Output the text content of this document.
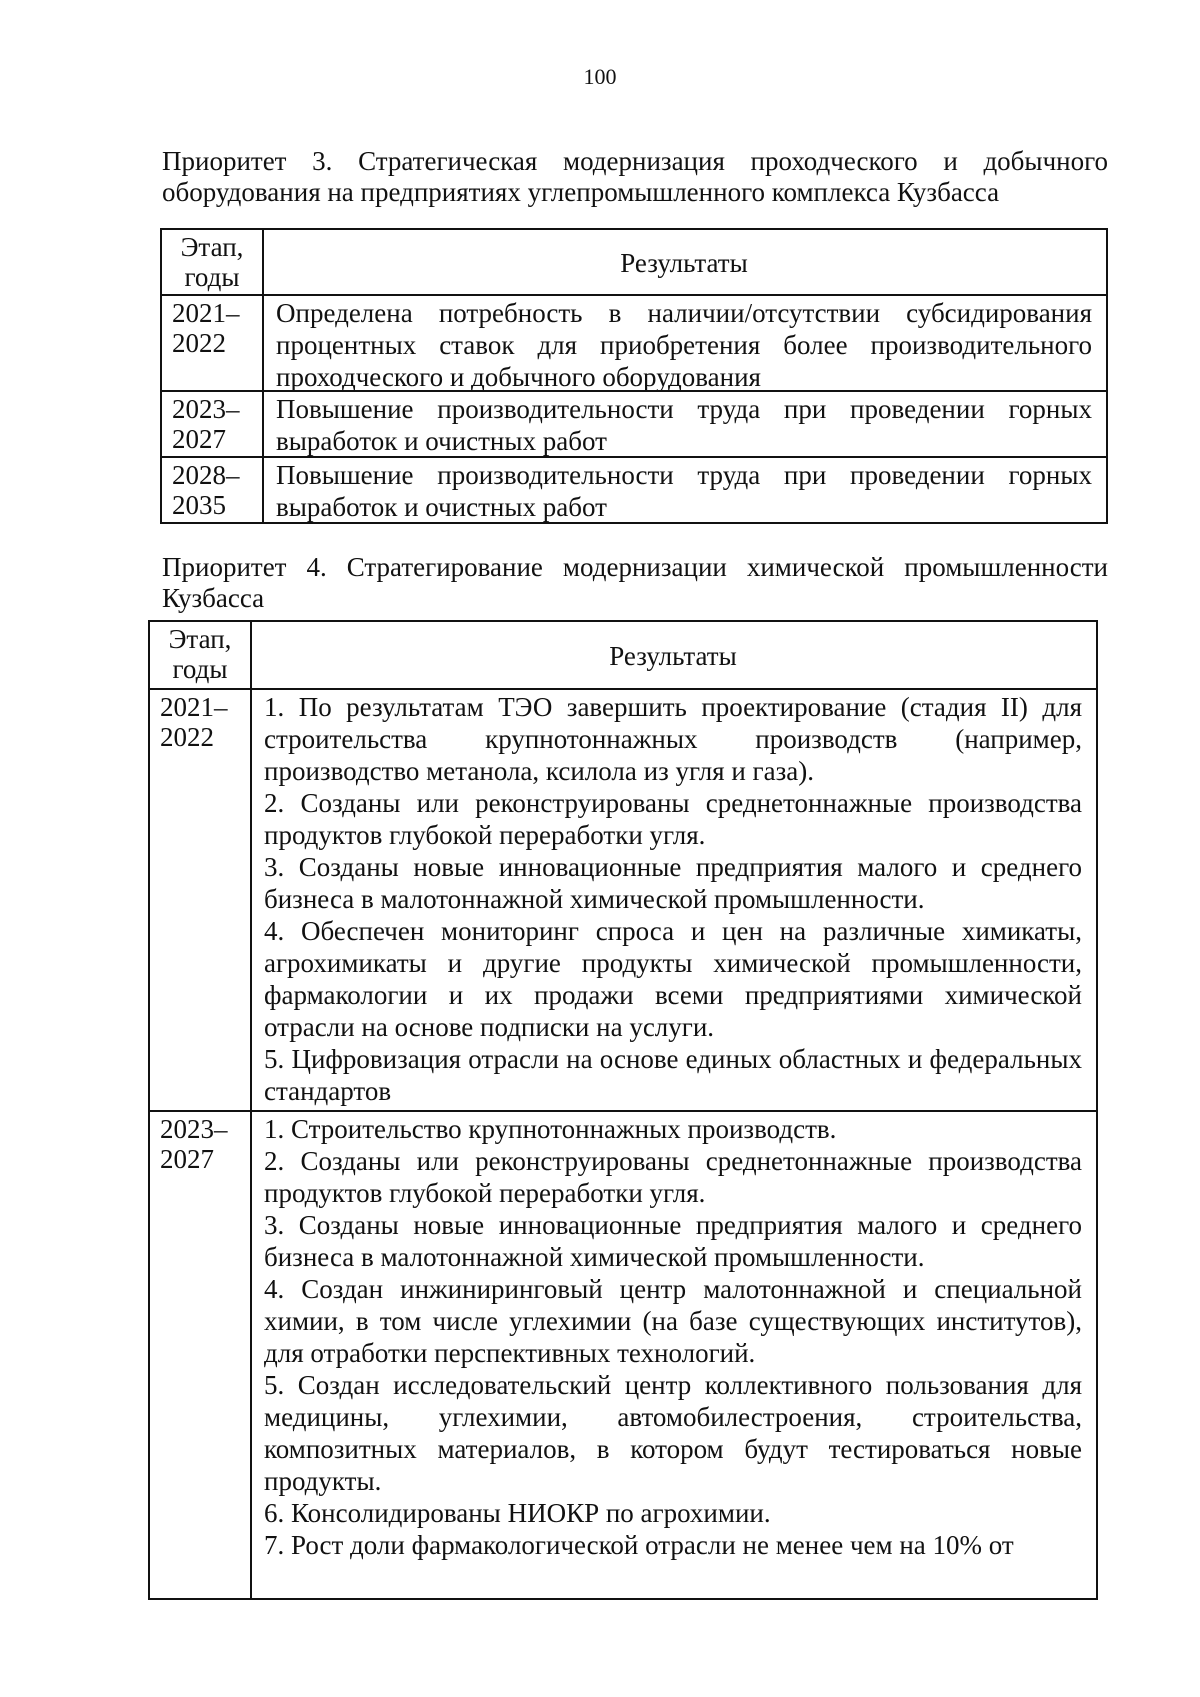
100
Приоритет 3. Стратегическая модернизация проходческого и добычного оборудования на предприятиях углепромышленного комплекса Кузбасса
Этап,
годы	Результаты
2021–
2022

Определена потребность в наличии/отсутствии субсидирования процентных ставок для приобретения более производительного проходческого и добычного оборудования

2023–
2027

Повышение производительности труда при проведении горных выработок и очистных работ

2028–
2035

Повышение производительности труда при проведении горных выработок и очистных работ

Приоритет 4. Стратегирование модернизации химической промышленности Кузбасса
Этап,
годы	Результаты
2021–
2022

1. По результатам ТЭО завершить проектирование (стадия II) для строительства крупнотоннажных производств (например, производство метанола, ксилола из угля и газа).

2. Созданы или реконструированы среднетоннажные производства продуктов глубокой переработки угля.

3. Созданы новые инновационные предприятия малого и среднего бизнеса в малотоннажной химической промышленности.

4. Обеспечен мониторинг спроса и цен на различные химикаты, агрохимикаты и другие продукты химической промышленности, фармакологии и их продажи всеми предприятиями химической отрасли на основе подписки на услуги.

5. Цифровизация отрасли на основе единых областных и федеральных стандартов

2023–
2027

1. Строительство крупнотоннажных производств.

2. Созданы или реконструированы среднетоннажные производства продуктов глубокой переработки угля.

3. Созданы новые инновационные предприятия малого и среднего бизнеса в малотоннажной химической промышленности.

4. Создан инжиниринговый центр малотоннажной и специальной химии, в том числе углехимии (на базе существующих институтов), для отработки перспективных технологий.

5. Создан исследовательский центр коллективного пользования для медицины, углехимии, автомобилестроения, строительства, композитных материалов, в котором будут тестироваться новые продукты.

6. Консолидированы НИОКР по агрохимии.

7. Рост доли фармакологической отрасли не менее чем на 10% от
